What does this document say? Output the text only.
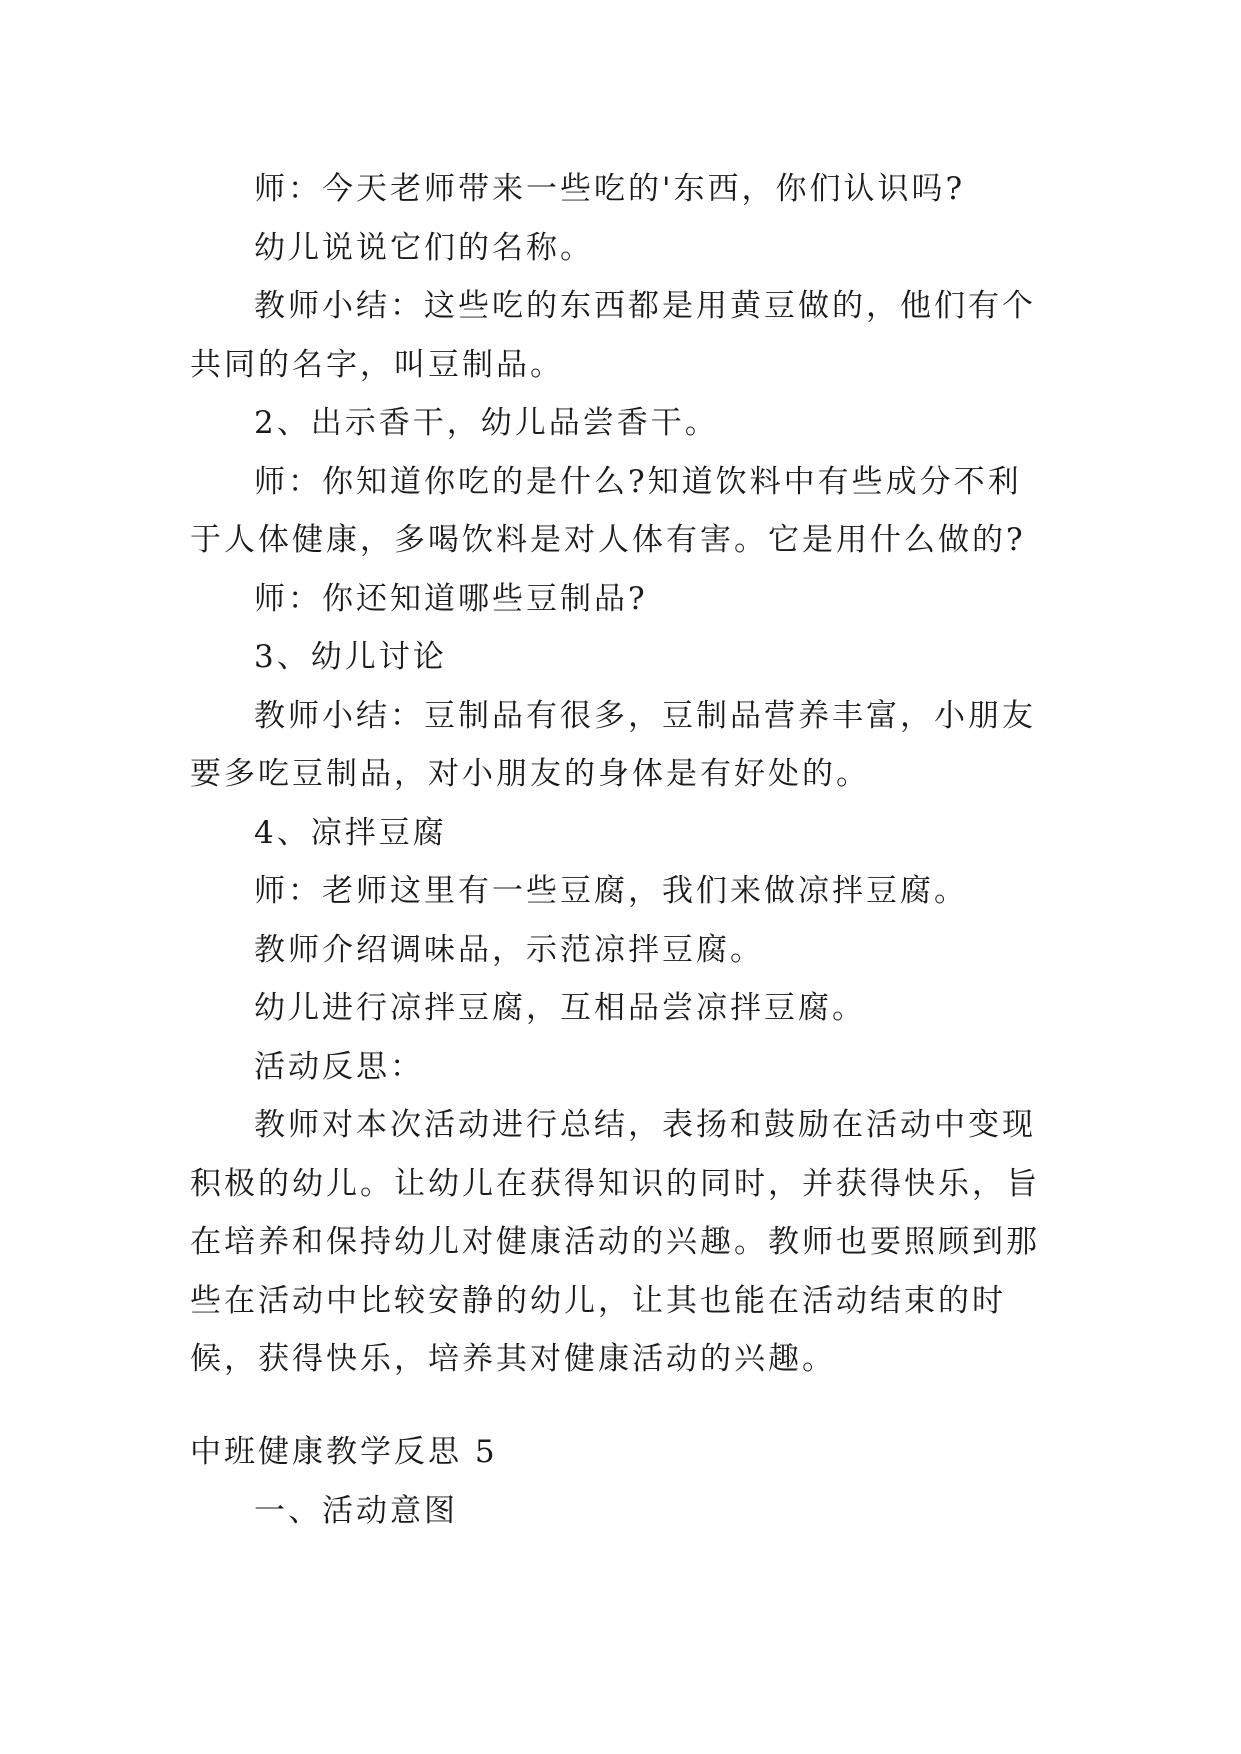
师：今天老师带来一些吃的'东西，你们认识吗?

幼儿说说它们的名称。

教师小结：这些吃的东西都是用黄豆做的，他们有个共同的名字，叫豆制品。

2、出示香干，幼儿品尝香干。

师：你知道你吃的是什么?知道饮料中有些成分不利于人体健康，多喝饮料是对人体有害。它是用什么做的?

师：你还知道哪些豆制品?

3、幼儿讨论

教师小结：豆制品有很多，豆制品营养丰富，小朋友要多吃豆制品，对小朋友的身体是有好处的。

4、凉拌豆腐

师：老师这里有一些豆腐，我们来做凉拌豆腐。

教师介绍调味品，示范凉拌豆腐。

幼儿进行凉拌豆腐，互相品尝凉拌豆腐。

活动反思：

教师对本次活动进行总结，表扬和鼓励在活动中变现积极的幼儿。让幼儿在获得知识的同时，并获得快乐，旨在培养和保持幼儿对健康活动的兴趣。教师也要照顾到那些在活动中比较安静的幼儿，让其也能在活动结束的时候，获得快乐，培养其对健康活动的兴趣。

中班健康教学反思 5

一、活动意图
